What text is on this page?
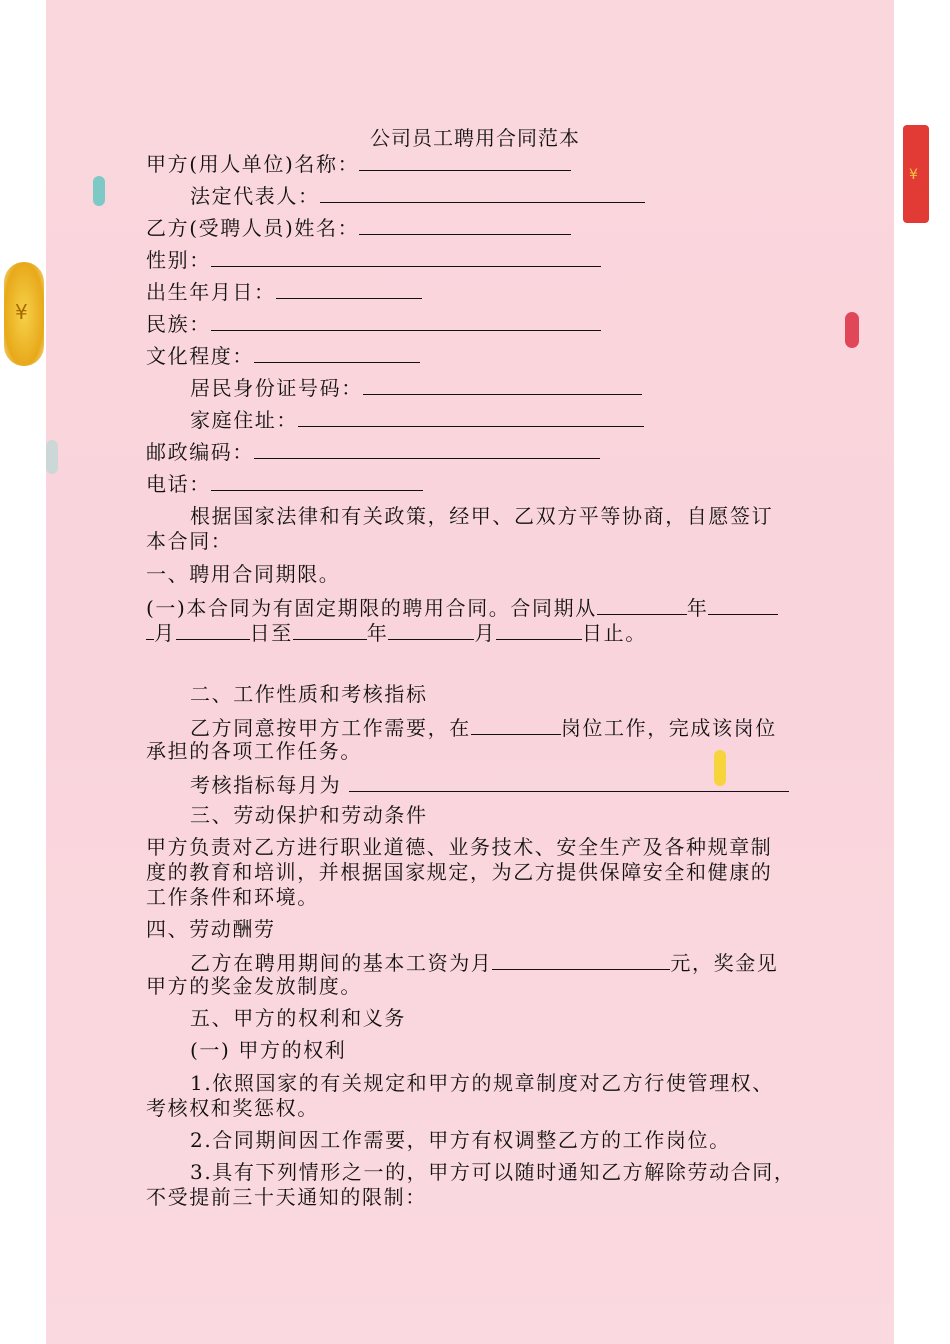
¥
¥
公司员工聘用合同范本
甲方(用人单位)名称：
法定代表人：
乙方(受聘人员)姓名：
性别：
出生年月日：
民族：
文化程度：
居民身份证号码：
家庭住址：
邮政编码：
电话：
根据国家法律和有关政策，经甲、乙双方平等协商，自愿签订
本合同：
一、聘用合同期限。
(一)本合同为有固定期限的聘用合同。合同期从	年
月	日至	年	月	日止。
二、工作性质和考核指标
乙方同意按甲方工作需要，在	岗位工作，完成该岗位
承担的各项工作任务。
考核指标每月为
三、劳动保护和劳动条件
甲方负责对乙方进行职业道德、业务技术、安全生产及各种规章制
度的教育和培训，并根据国家规定，为乙方提供保障安全和健康的
工作条件和环境。
四、劳动酬劳
乙方在聘用期间的基本工资为月	元，奖金见
甲方的奖金发放制度。
五、甲方的权利和义务
(一) 甲方的权利
1.依照国家的有关规定和甲方的规章制度对乙方行使管理权、
考核权和奖惩权。
2.合同期间因工作需要，甲方有权调整乙方的工作岗位。
3.具有下列情形之一的，甲方可以随时通知乙方解除劳动合同，
不受提前三十天通知的限制：
